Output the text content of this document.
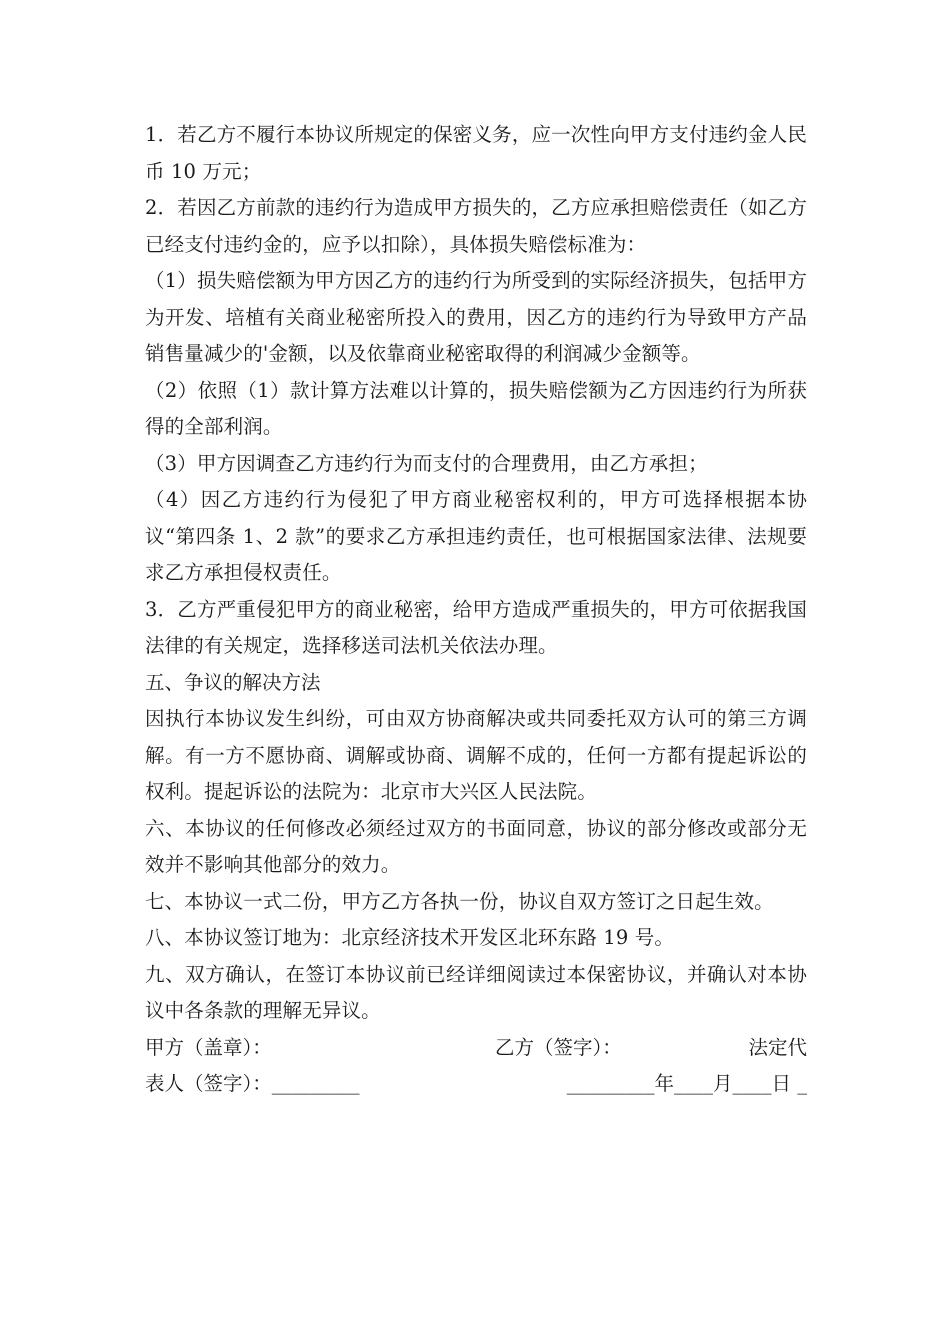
1．若乙方不履行本协议所规定的保密义务，应一次性向甲方支付违约金人民币 10 万元；

2．若因乙方前款的违约行为造成甲方损失的，乙方应承担赔偿责任（如乙方已经支付违约金的，应予以扣除），具体损失赔偿标准为：

（1）损失赔偿额为甲方因乙方的违约行为所受到的实际经济损失，包括甲方为开发、培植有关商业秘密所投入的费用，因乙方的违约行为导致甲方产品销售量减少的'金额，以及依靠商业秘密取得的利润减少金额等。

（2）依照（1）款计算方法难以计算的，损失赔偿额为乙方因违约行为所获得的全部利润。

（3）甲方因调查乙方违约行为而支付的合理费用，由乙方承担；

（4）因乙方违约行为侵犯了甲方商业秘密权利的，甲方可选择根据本协议“第四条 1、2 款”的要求乙方承担违约责任，也可根据国家法律、法规要求乙方承担侵权责任。

3．乙方严重侵犯甲方的商业秘密，给甲方造成严重损失的，甲方可依据我国法律的有关规定，选择移送司法机关依法办理。

五、争议的解决方法

因执行本协议发生纠纷，可由双方协商解决或共同委托双方认可的第三方调解。有一方不愿协商、调解或协商、调解不成的，任何一方都有提起诉讼的权利。提起诉讼的法院为：北京市大兴区人民法院。

六、本协议的任何修改必须经过双方的书面同意，协议的部分修改或部分无效并不影响其他部分的效力。

七、本协议一式二份，甲方乙方各执一份，协议自双方签订之日起生效。

八、本协议签订地为：北京经济技术开发区北环东路 19 号。

九、双方确认，在签订本协议前已经详细阅读过本保密协议，并确认对本协议中各条款的理解无异议。

甲方（盖章）：	乙方（签字）：	法定代
表人（签字）：_________	_________年____月____日 _
